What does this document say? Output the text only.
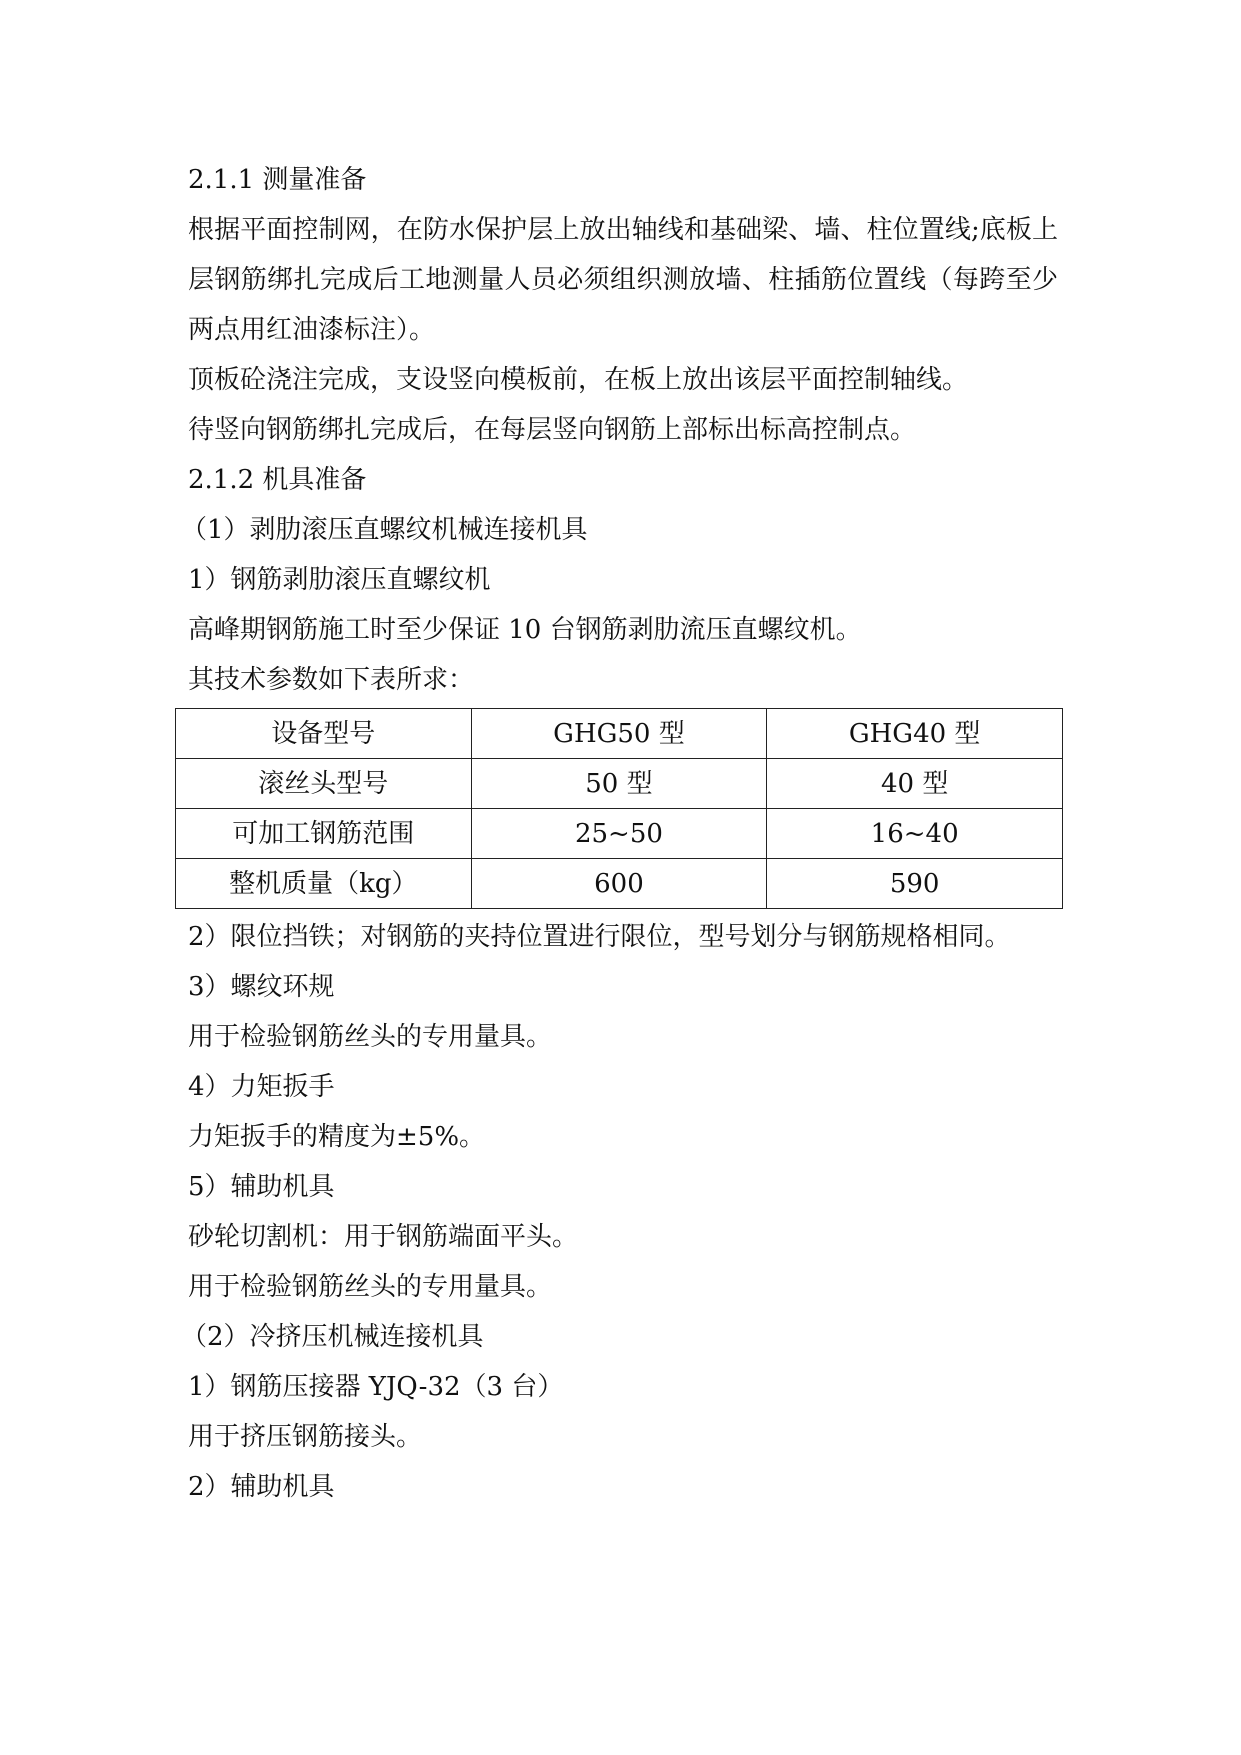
2.1.1 测量准备
根据平面控制网，在防水保护层上放出轴线和基础梁、墙、柱位置线;底板上层钢筋绑扎完成后工地测量人员必须组织测放墙、柱插筋位置线（每跨至少两点用红油漆标注）。
顶板砼浇注完成，支设竖向模板前，在板上放出该层平面控制轴线。
待竖向钢筋绑扎完成后，在每层竖向钢筋上部标出标高控制点。
2.1.2 机具准备
（1）剥肋滚压直螺纹机械连接机具
1）钢筋剥肋滚压直螺纹机
高峰期钢筋施工时至少保证 10 台钢筋剥肋流压直螺纹机。
其技术参数如下表所求：
设备型号	GHG50 型	GHG40 型
滚丝头型号	50 型	40 型
可加工钢筋范围	25~50	16~40
整机质量（kg）	600	590
2）限位挡铁；对钢筋的夹持位置进行限位，型号划分与钢筋规格相同。
3）螺纹环规
用于检验钢筋丝头的专用量具。
4）力矩扳手
力矩扳手的精度为±5%。
5）辅助机具
砂轮切割机：用于钢筋端面平头。
用于检验钢筋丝头的专用量具。
（2）冷挤压机械连接机具
1）钢筋压接器 YJQ-32（3 台）
用于挤压钢筋接头。
2）辅助机具
